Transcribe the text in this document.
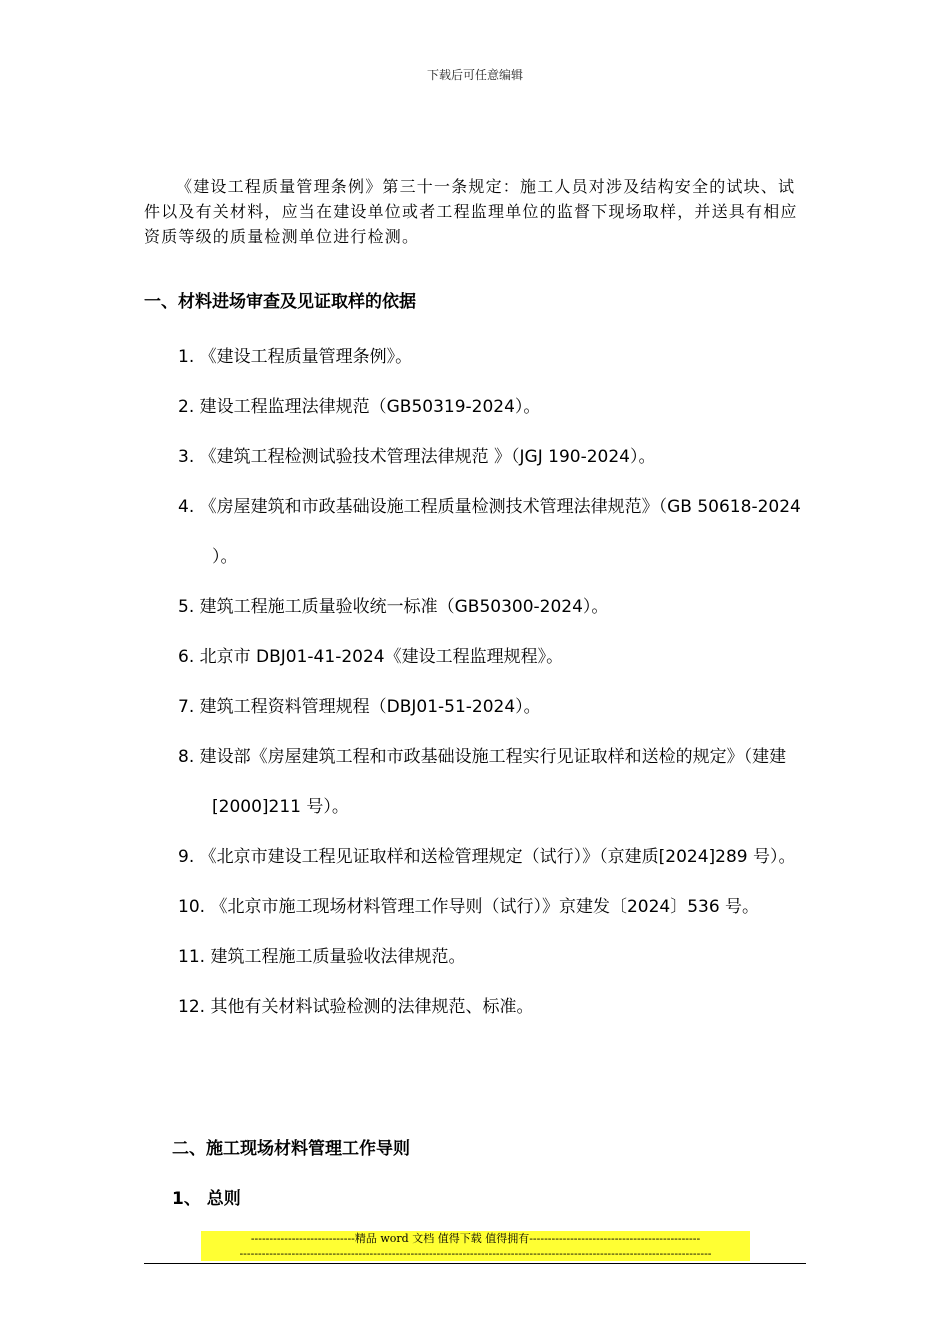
下载后可任意编辑

《建设工程质量管理条例》第三十一条规定：施工人员对涉及结构安全的试块、试件以及有关材料，应当在建设单位或者工程监理单位的监督下现场取样，并送具有相应资质等级的质量检测单位进行检测。

一、材料进场审查及见证取样的依据
1. 《建设工程质量管理条例》。
2. 建设工程监理法律规范（GB50319-2024）。
3. 《建筑工程检测试验技术管理法律规范 》（JGJ 190-2024）。
4. 《房屋建筑和市政基础设施工程质量检测技术管理法律规范》（GB 50618-2024 ）。
5. 建筑工程施工质量验收统一标准（GB50300-2024）。
6. 北京市 DBJ01-41-2024《建设工程监理规程》。
7. 建筑工程资料管理规程（DBJ01-51-2024）。
8. 建设部《房屋建筑工程和市政基础设施工程实行见证取样和送检的规定》（建建[2000]211 号）。
9. 《北京市建设工程见证取样和送检管理规定（试行）》（京建质[2024]289 号）。
10. 《北京市施工现场材料管理工作导则（试行）》京建发〔2024〕536 号。
11. 建筑工程施工质量验收法律规范。
12. 其他有关材料试验检测的法律规范、标准。
二、施工现场材料管理工作导则
1、 总则
----------------------------精品 word 文档 值得下载 值得拥有----------------------------------------------
-------------------------------------------------------------------------------------------------------------------------------
